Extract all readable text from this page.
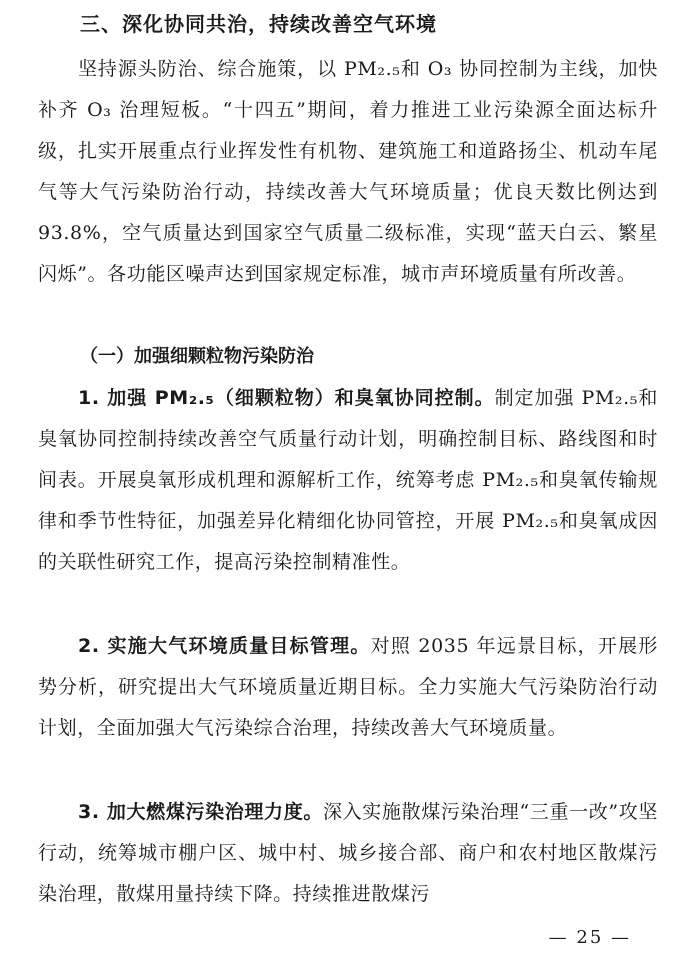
三、深化协同共治，持续改善空气环境

坚持源头防治、综合施策，以 PM₂.₅和 O₃ 协同控制为主线，加快补齐 O₃ 治理短板。“十四五”期间，着力推进工业污染源全面达标升级，扎实开展重点行业挥发性有机物、建筑施工和道路扬尘、机动车尾气等大气污染防治行动，持续改善大气环境质量；优良天数比例达到 93.8%，空气质量达到国家空气质量二级标准，实现“蓝天白云、繁星闪烁”。各功能区噪声达到国家规定标准，城市声环境质量有所改善。

（一）加强细颗粒物污染防治

1. 加强 PM₂.₅（细颗粒物）和臭氧协同控制。制定加强 PM₂.₅和臭氧协同控制持续改善空气质量行动计划，明确控制目标、路线图和时间表。开展臭氧形成机理和源解析工作，统筹考虑 PM₂.₅和臭氧传输规律和季节性特征，加强差异化精细化协同管控，开展 PM₂.₅和臭氧成因的关联性研究工作，提高污染控制精准性。

2. 实施大气环境质量目标管理。对照 2035 年远景目标，开展形势分析，研究提出大气环境质量近期目标。全力实施大气污染防治行动计划，全面加强大气污染综合治理，持续改善大气环境质量。

3. 加大燃煤污染治理力度。深入实施散煤污染治理“三重一改”攻坚行动，统筹城市棚户区、城中村、城乡接合部、商户和农村地区散煤污染治理，散煤用量持续下降。持续推进散煤污

— 25 —
